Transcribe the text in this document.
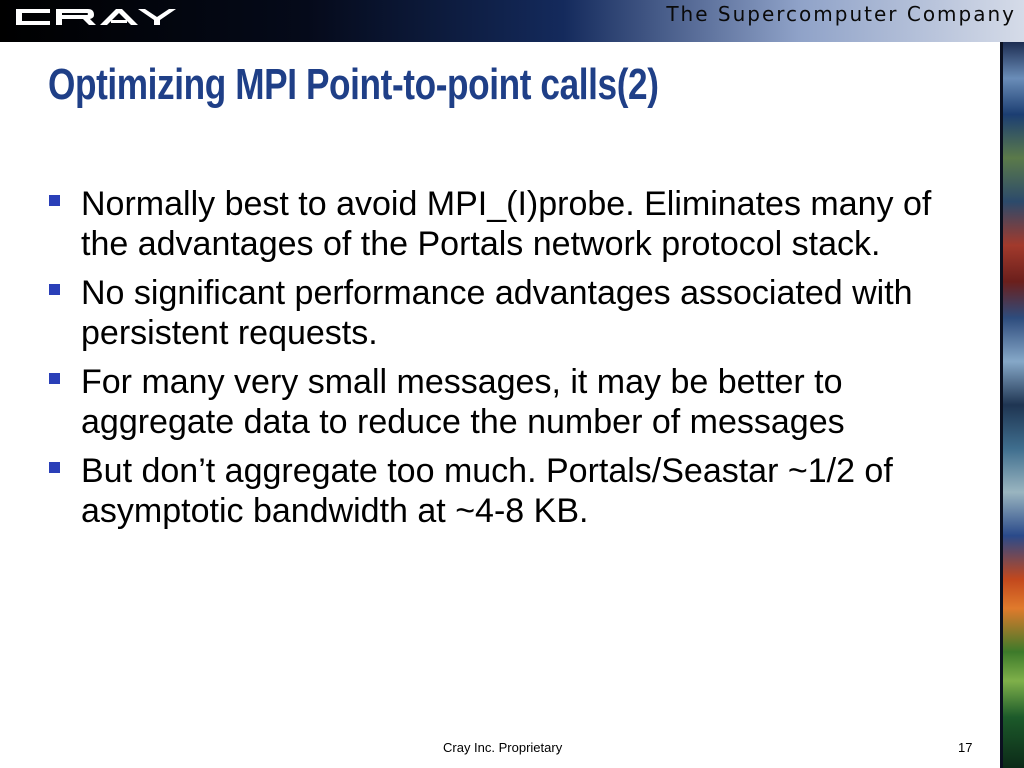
The Supercomputer Company
Optimizing MPI Point-to-point calls(2)
Normally best to avoid MPI_(I)probe. Eliminates many of the advantages of the Portals network protocol stack.
No significant performance advantages associated with persistent requests.
For many very small messages, it may be better to aggregate data to reduce the number of messages
But don’t aggregate too much. Portals/Seastar ~1/2 of asymptotic bandwidth at ~4-8 KB.
Cray Inc. Proprietary	17
